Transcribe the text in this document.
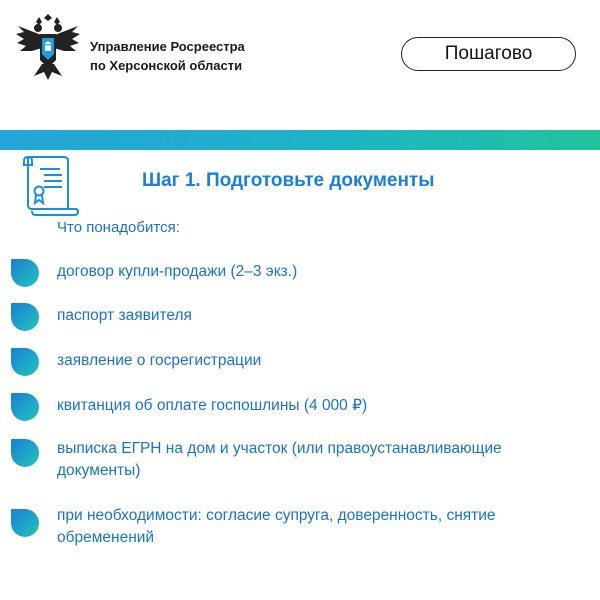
Управление Росреестра
по Херсонской области
Пошагово
Шаг 1. Подготовьте документы
Что понадобится:
договор купли-продажи (2–3 экз.)
паспорт заявителя
заявление о госрегистрации
квитанция об оплате госпошлины (4 000 ₽)
выписка ЕГРН на дом и участок (или правоустанавливающие документы)
при необходимости: согласие супруга, доверенность, снятие обременений
